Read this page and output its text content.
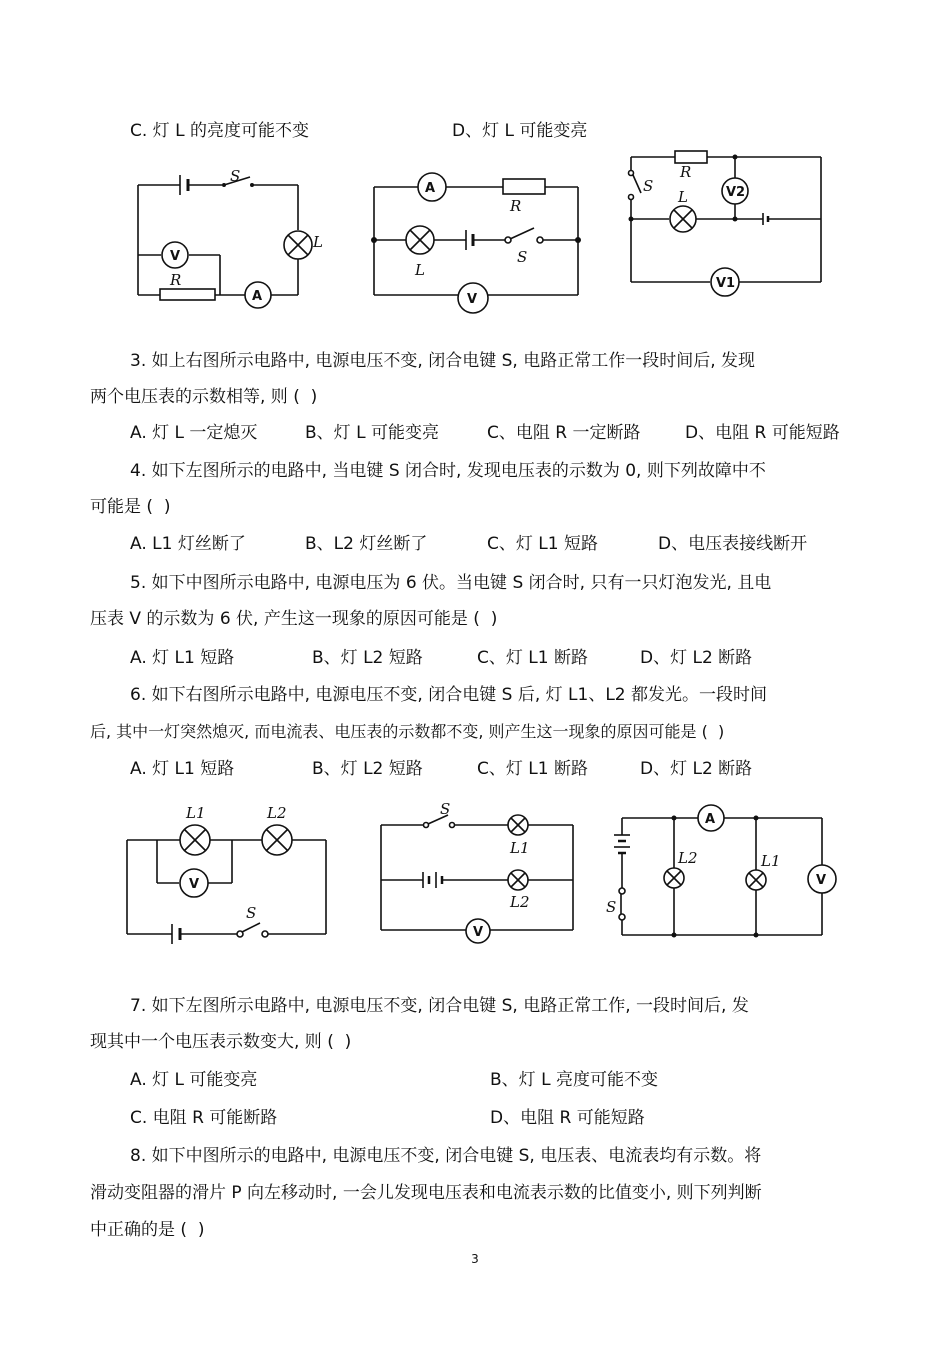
C. 灯 L 的亮度可能不变	D、灯 L 可能变亮
S
L
R
A
V
A
R
L
S
V
R
S
L	V2
V1
3. 如上右图所示电路中, 电源电压不变, 闭合电键 S, 电路正常工作一段时间后, 发现
两个电压表的示数相等, 则 (  )
A. 灯 L 一定熄灭	B、灯 L 可能变亮	C、电阻 R 一定断路	D、电阻 R 可能短路
4. 如下左图所示的电路中, 当电键 S 闭合时, 发现电压表的示数为 0, 则下列故障中不
可能是 (  )
A. L1 灯丝断了	B、L2 灯丝断了	C、灯 L1 短路	D、电压表接线断开
5. 如下中图所示电路中, 电源电压为 6 伏。当电键 S 闭合时, 只有一只灯泡发光, 且电
压表 V 的示数为 6 伏, 产生这一现象的原因可能是 (  )
A. 灯 L1 短路	B、灯 L2 短路	C、灯 L1 断路	D、灯 L2 断路
6. 如下右图所示电路中, 电源电压不变, 闭合电键 S 后, 灯 L1、L2 都发光。一段时间
后, 其中一灯突然熄灭, 而电流表、电压表的示数都不变, 则产生这一现象的原因可能是 (  )
A. 灯 L1 短路	B、灯 L2 短路	C、灯 L1 断路	D、灯 L2 断路
L1	L2
V
S
S
L1
L2
V
A
L2	L1
V
S
7. 如下左图所示电路中, 电源电压不变, 闭合电键 S, 电路正常工作, 一段时间后, 发
现其中一个电压表示数变大, 则 (  )
A. 灯 L 可能变亮	B、灯 L 亮度可能不变
C. 电阻 R 可能断路	D、电阻 R 可能短路
8. 如下中图所示的电路中, 电源电压不变, 闭合电键 S, 电压表、电流表均有示数。将
滑动变阻器的滑片 P 向左移动时, 一会儿发现电压表和电流表示数的比值变小, 则下列判断
中正确的是 (  )
3
